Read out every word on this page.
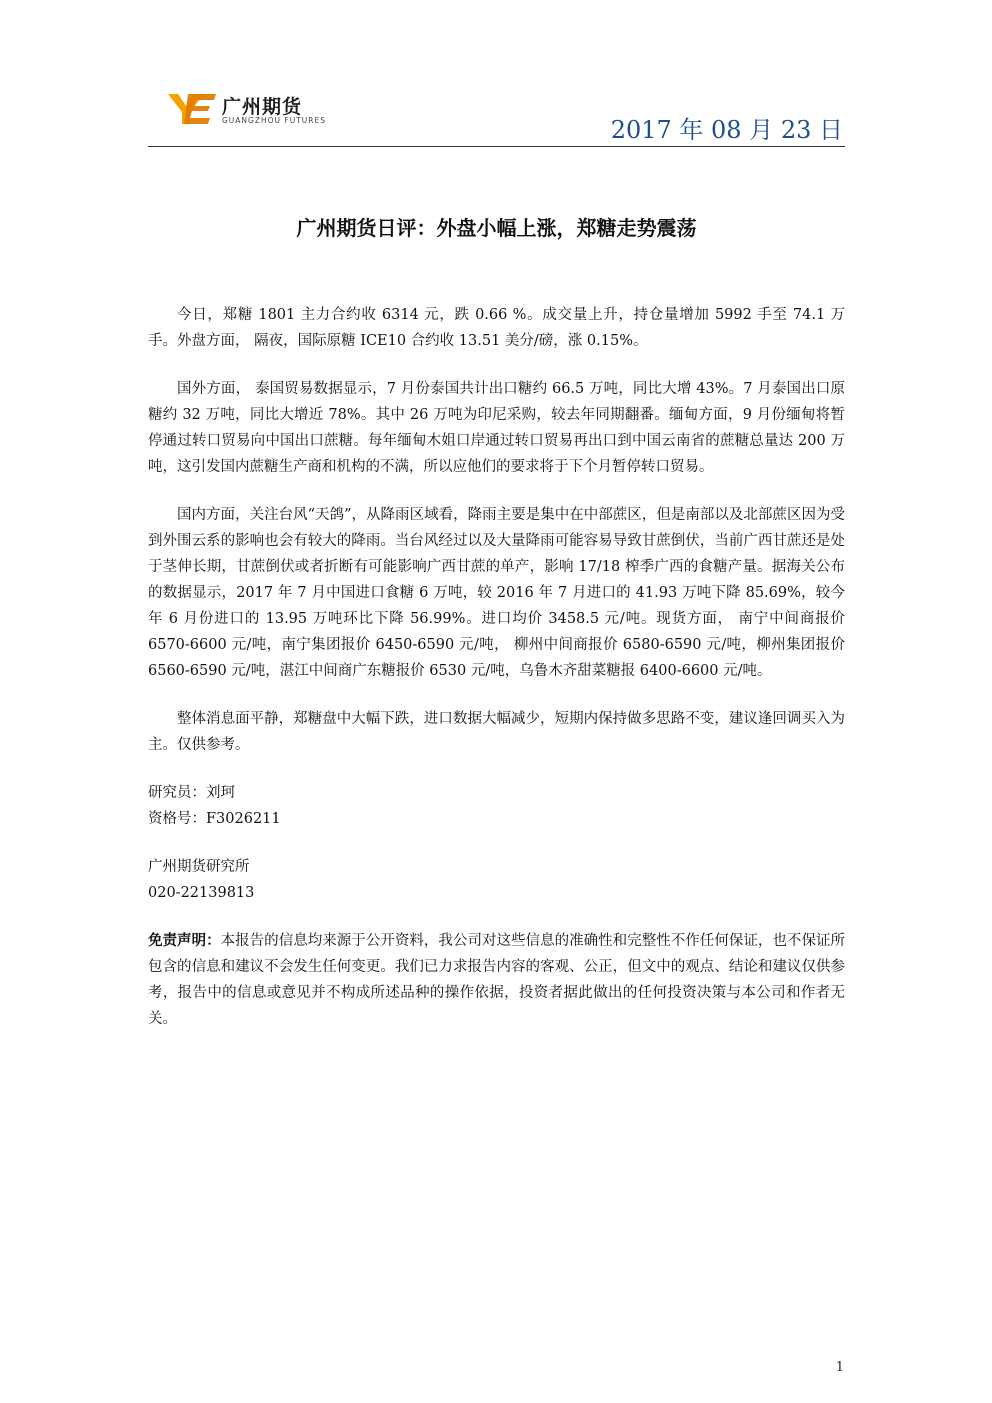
广州期货
GUANGZHOU FUTURES	2017 年 08 月 23 日
广州期货日评：外盘小幅上涨，郑糖走势震荡

今日，郑糖 1801 主力合约收 6314 元，跌 0.66 %。成交量上升，持仓量增加 5992 手至 74.1 万手。外盘方面， 隔夜，国际原糖 ICE10 合约收 13.51 美分/磅，涨 0.15%。

国外方面， 泰国贸易数据显示，7 月份泰国共计出口糖约 66.5 万吨，同比大增 43%。7 月泰国出口原糖约 32 万吨，同比大增近 78%。其中 26 万吨为印尼采购，较去年同期翻番。缅甸方面，9 月份缅甸将暂停通过转口贸易向中国出口蔗糖。每年缅甸木姐口岸通过转口贸易再出口到中国云南省的蔗糖总量达 200 万吨，这引发国内蔗糖生产商和机构的不满，所以应他们的要求将于下个月暂停转口贸易。

国内方面，关注台风“天鸽”，从降雨区域看，降雨主要是集中在中部蔗区，但是南部以及北部蔗区因为受到外围云系的影响也会有较大的降雨。当台风经过以及大量降雨可能容易导致甘蔗倒伏，当前广西甘蔗还是处于茎伸长期，甘蔗倒伏或者折断有可能影响广西甘蔗的单产，影响 17/18 榨季广西的食糖产量。据海关公布的数据显示，2017 年 7 月中国进口食糖 6 万吨，较 2016 年 7 月进口的 41.93 万吨下降 85.69%，较今年 6 月份进口的 13.95 万吨环比下降 56.99%。进口均价 3458.5 元/吨。现货方面， 南宁中间商报价 6570-6600 元/吨，南宁集团报价 6450-6590 元/吨， 柳州中间商报价 6580-6590 元/吨，柳州集团报价 6560-6590 元/吨，湛江中间商广东糖报价 6530 元/吨，乌鲁木齐甜菜糖报 6400-6600 元/吨。

整体消息面平静，郑糖盘中大幅下跌，进口数据大幅减少，短期内保持做多思路不变，建议逢回调买入为主。仅供参考。

研究员：刘珂

资格号：F3026211

广州期货研究所

020-22139813

免责声明：本报告的信息均来源于公开资料，我公司对这些信息的准确性和完整性不作任何保证，也不保证所包含的信息和建议不会发生任何变更。我们已力求报告内容的客观、公正，但文中的观点、结论和建议仅供参考，报告中的信息或意见并不构成所述品种的操作依据，投资者据此做出的任何投资决策与本公司和作者无关。

1
